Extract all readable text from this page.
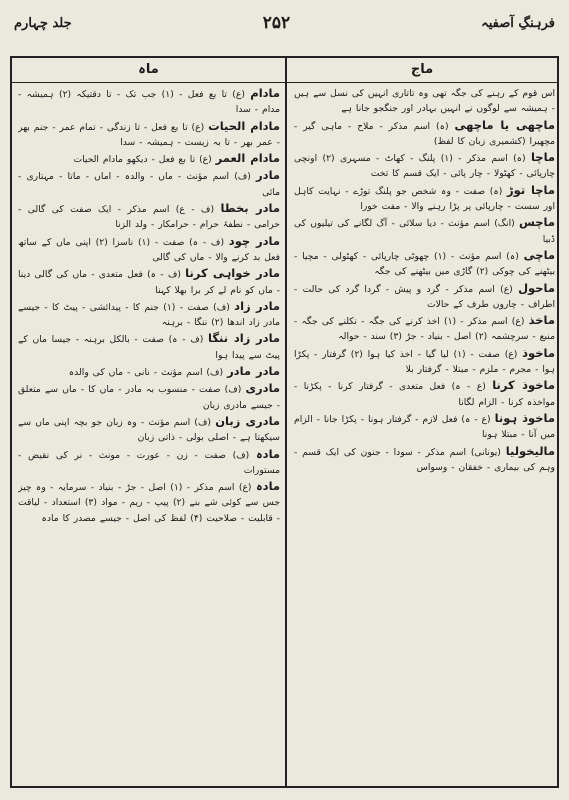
جلد چہارم	۲۵۲	فرہنگِ آصفیہ
ماہ	ماج

مادام (ع) تا بع فعل - (۱) جب تک - تا دقتیکہ (۲) ہمیشہ - مدام - سدا

مادام الحیات (ع) تا بع فعل - تا زندگی - تمام عمر - جنم بھر - عمر بھر - تا بہ زیست - ہمیشہ - سدا

مادام العمر (ع) تا بع فعل - دیکھو مادام الحیات

مادر (ف) اسم مؤنث - ماں - والدہ - اماں - ماتا - مہتاری - مائی

مادر بخطا (ف - ع) اسم مذکر - ایک صفت کی گالی - حرامی - نطفۂ حرام - حرامکار - ولد الزنا

مادر چود (ف - ہ) صفت - (۱) ناسزا (۲) اپنی ماں کے ساتھ فعل بد کرنے والا - ماں کی گالی

مادر خواہی کرنا (ف - ہ) فعل متعدی - ماں کی گالی دینا - ماں کو نام لے کر برا بھلا کہنا

مادر زاد (ف) صفت - (۱) جنم کا - پیدائشی - پیٹ کا - جیسے مادر زاد اندھا (۲) ننگا - برہنہ

مادر زاد ننگا (ف - ہ) صفت - بالکل برہنہ - جیسا ماں کے پیٹ سے پیدا ہوا

مادر مادر (ف) اسم مؤنث - نانی - ماں کی والدہ

مادری (ف) صفت - منسوب بہ مادر - ماں کا - ماں سے متعلق - جیسے مادری زبان

مادری زبان (ف) اسم مؤنث - وہ زبان جو بچہ اپنی ماں سے سیکھتا ہے - اصلی بولی - ذاتی زبان

مادہ (ف) صفت - زن - عورت - مونث - نر کی نقیض - مستورات

مادہ (ع) اسم مذکر - (۱) اصل - جڑ - بنیاد - سرمایہ - وہ چیز جس سے کوئی شے بنے (۲) پیپ - ریم - مواد (۳) استعداد - لیاقت - قابلیت - صلاحیت (۴) لفظ کی اصل - جیسے مصدر کا مادہ

اس قوم کے رہنے کی جگہ تھی وہ تاتاری انہیں کی نسل سے ہیں - ہمیشہ سے لوگوں نے انہیں بہادر اور جنگجو جانا ہے

ماچھی یا ماچھی (ہ) اسم مذکر - ملاح - ماہی گیر - مچھیرا (کشمیری زبان کا لفظ)

ماچا (ہ) اسم مذکر - (۱) پلنگ - کھاٹ - مسہری (۲) اونچی چارپائی - کھٹولا - چار پائی - ایک قسم کا تخت

ماچا توڑ (ہ) صفت - وہ شخص جو پلنگ توڑے - نہایت کاہل اور سست - چارپائی پر پڑا رہنے والا - مفت خورا

ماچس (انگ) اسم مؤنث - دیا سلائی - آگ لگانے کی تیلیوں کی ڈبیا

ماچی (ہ) اسم مؤنث - (۱) چھوٹی چارپائی - کھٹولی - مچیا - بیٹھنے کی چوکی (۲) گاڑی میں بیٹھنے کی جگہ

ماحول (ع) اسم مذکر - گرد و پیش - گردا گرد کی حالت - اطراف - چاروں طرف کے حالات

ماخذ (ع) اسم مذکر - (۱) اخذ کرنے کی جگہ - نکلنے کی جگہ - منبع - سرچشمہ (۲) اصل - بنیاد - جڑ (۳) سند - حوالہ

ماخوذ (ع) صفت - (۱) لیا گیا - اخذ کیا ہوا (۲) گرفتار - پکڑا ہوا - مجرم - ملزم - مبتلا - گرفتار بلا

ماخوذ کرنا (ع - ہ) فعل متعدی - گرفتار کرنا - پکڑنا - مواخذہ کرنا - الزام لگانا

ماخوذ ہونا (ع - ہ) فعل لازم - گرفتار ہونا - پکڑا جانا - الزام میں آنا - مبتلا ہونا

مالیخولیا (یونانی) اسم مذکر - سودا - جنون کی ایک قسم - وہم کی بیماری - خفقان - وسواس
